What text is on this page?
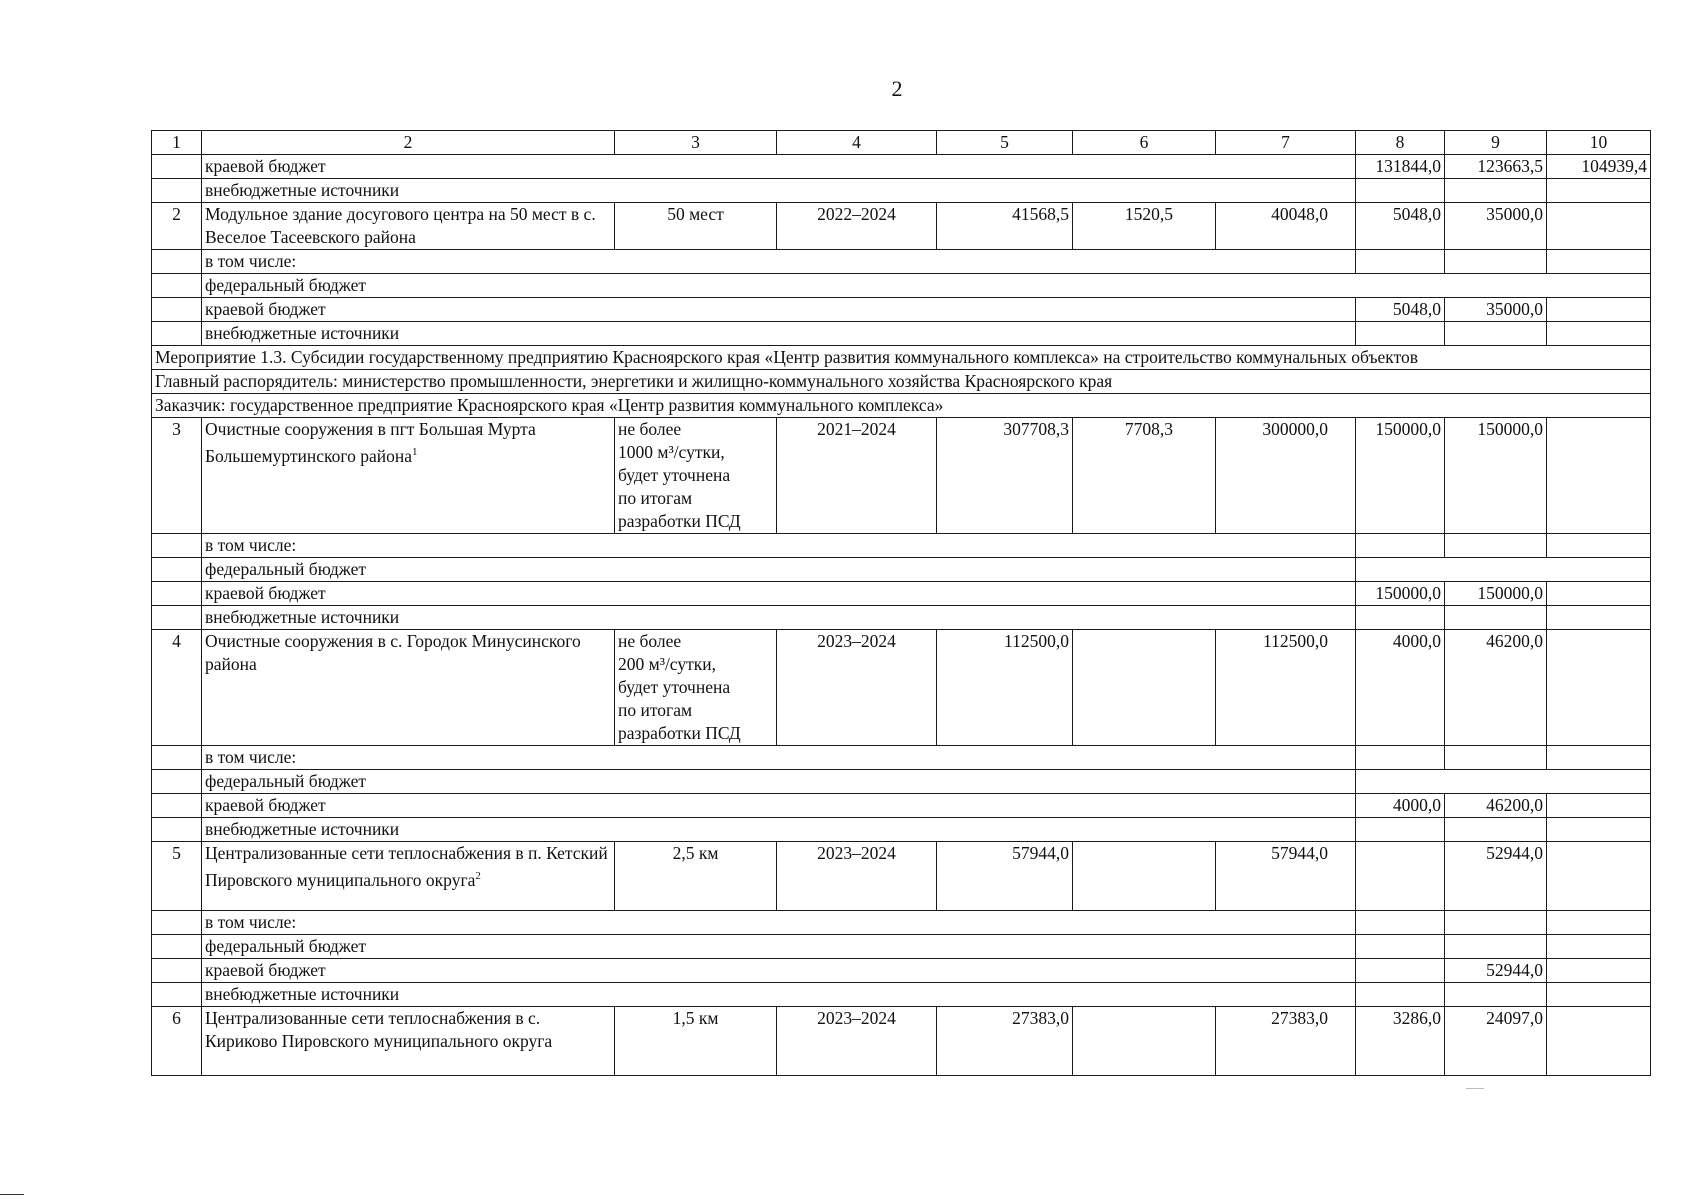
2
1	2	3	4	5	6	7	8	9	10
	краевой бюджет						131844,0	123663,5	104939,4
	внебюджетные источники								
2	Модульное здание досугового центра на 50 мест в с. Веселое Тасеевского района	50 мест	2022–2024	41568,5	1520,5	40048,0	5048,0	35000,0	
	в том числе:								
	федеральный бюджет								
	краевой бюджет						5048,0	35000,0	
	внебюджетные источники								
Мероприятие 1.3. Субсидии государственному предприятию Красноярского края «Центр развития коммунального комплекса» на строительство коммунальных объектов									
Главный распорядитель: министерство промышленности, энергетики и жилищно-коммунального хозяйства Красноярского края									
Заказчик: государственное предприятие Красноярского края «Центр развития коммунального комплекса»									
3	Очистные сооружения в пгт Большая Мурта Большемуртинского района$^1$	не более
1000 м³/сутки,
будет уточнена
по итогам
разработки ПСД	2021–2024	307708,3	7708,3	300000,0	150000,0	150000,0	
	в том числе:								
	федеральный бюджет								
	краевой бюджет						150000,0	150000,0	
	внебюджетные источники								
4	Очистные сооружения в с. Городок Минусинского района	не более
200 м³/сутки,
будет уточнена
по итогам
разработки ПСД	2023–2024	112500,0		112500,0	4000,0	46200,0	
	в том числе:								
	федеральный бюджет								
	краевой бюджет						4000,0	46200,0	
	внебюджетные источники								
5	Централизованные сети теплоснабжения в п. Кетский Пировского муниципального округа$^2$	2,5 км	2023–2024	57944,0		57944,0		52944,0	
	в том числе:								
	федеральный бюджет								
	краевой бюджет							52944,0	
	внебюджетные источники								
6	Централизованные сети теплоснабжения в с. Кириково Пировского муниципального округа	1,5 км	2023–2024	27383,0		27383,0	3286,0	24097,0	
